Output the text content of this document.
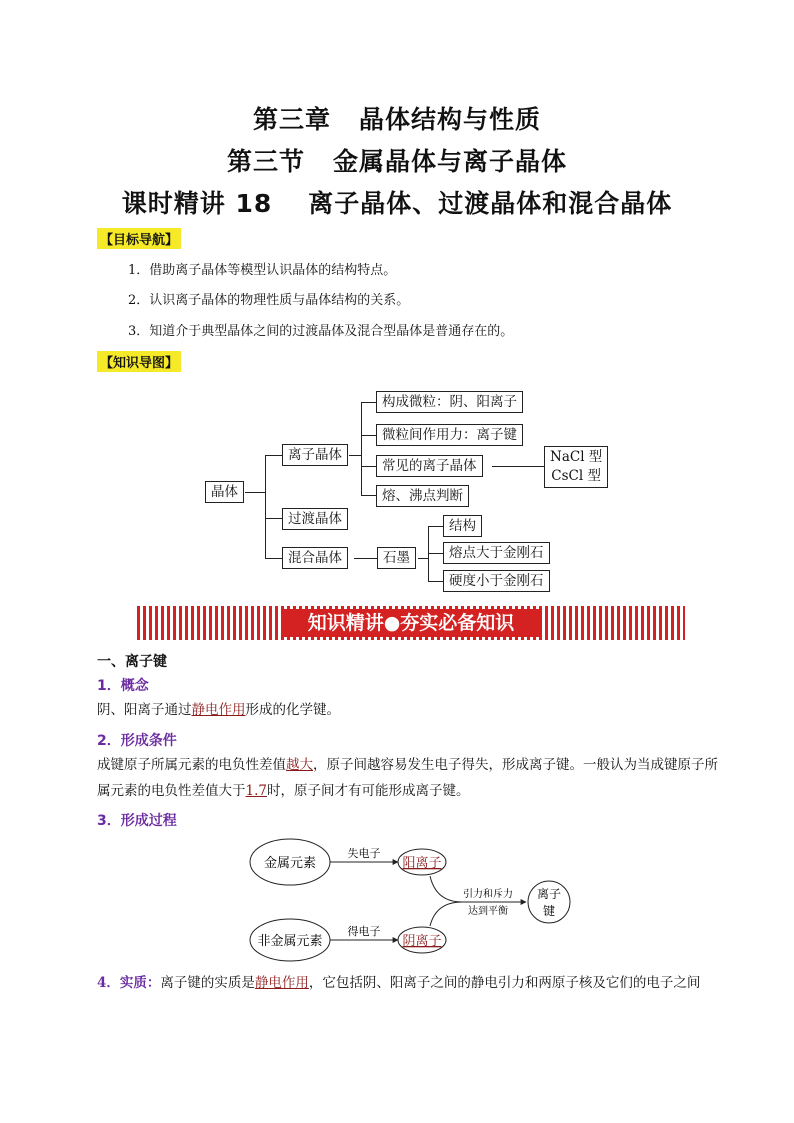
第三章 晶体结构与性质
第三节 金属晶体与离子晶体
课时精讲 18 离子晶体、过渡晶体和混合晶体
【目标导航】
1．借助离子晶体等模型认识晶体的结构特点。
2．认识离子晶体的物理性质与晶体结构的关系。
3．知道介于典型晶体之间的过渡晶体及混合型晶体是普通存在的。
【知识导图】
晶体
离子晶体
过渡晶体
混合晶体
构成微粒：阴、阳离子
微粒间作用力：离子键
常见的离子晶体
熔、沸点判断
NaCl 型
CsCl 型
石墨
结构
熔点大于金刚石
硬度小于金刚石
知识精讲●夯实必备知识
一、离子键
1．概念
阴、阳离子通过静电作用形成的化学键。
2．形成条件
成键原子所属元素的电负性差值越大，原子间越容易发生电子得失，形成离子键。一般认为当成键原子所属元素的电负性差值大于1.7时，原子间才有可能形成离子键。
3．形成过程
金属元素
非金属元素
失电子
得电子
阳离子
阴离子
引力和斥力
达到平衡
离子
键
4．实质：离子键的实质是静电作用，它包括阴、阳离子之间的静电引力和两原子核及它们的电子之间
